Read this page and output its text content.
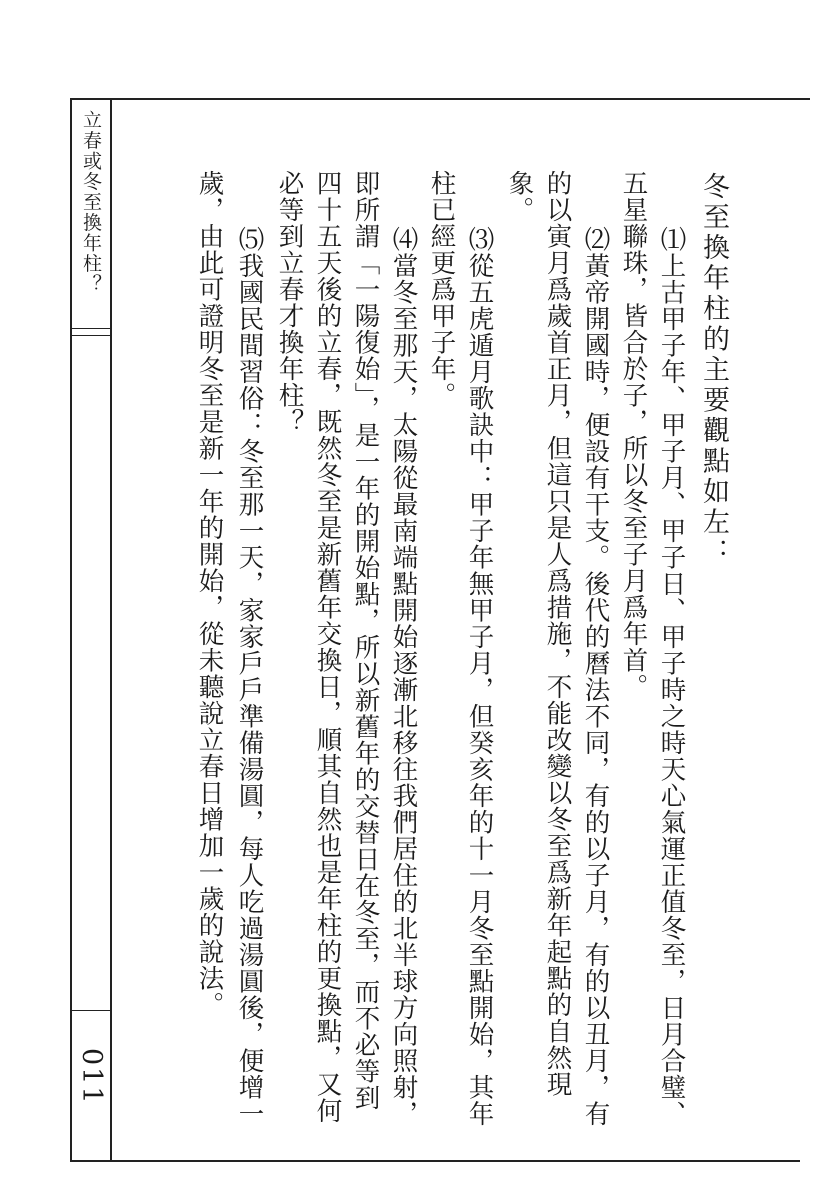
立春或冬至換年柱？
011
冬至換年柱的主要觀點如左：
⑴上古甲子年、甲子月、甲子日、甲子時之時天心氣運正值冬至，日月合璧、
五星聯珠，皆合於子，所以冬至子月爲年首。
⑵黃帝開國時，便設有干支。後代的曆法不同，有的以子月，有的以丑月，有
的以寅月爲歲首正月，但這只是人爲措施，不能改變以冬至爲新年起點的自然現
象。
⑶從五虎遁月歌訣中：甲子年無甲子月，但癸亥年的十一月冬至點開始，其年
柱已經更爲甲子年。
⑷當冬至那天，太陽從最南端點開始逐漸北移往我們居住的北半球方向照射，
即所謂「一陽復始」，是一年的開始點，所以新舊年的交替日在冬至，而不必等到
四十五天後的立春，既然冬至是新舊年交換日，順其自然也是年柱的更換點，又何
必等到立春才換年柱？
⑸我國民間習俗：冬至那一天，家家戶戶準備湯圓，每人吃過湯圓後，便增一
歲，由此可證明冬至是新一年的開始，從未聽說立春日增加一歲的說法。
